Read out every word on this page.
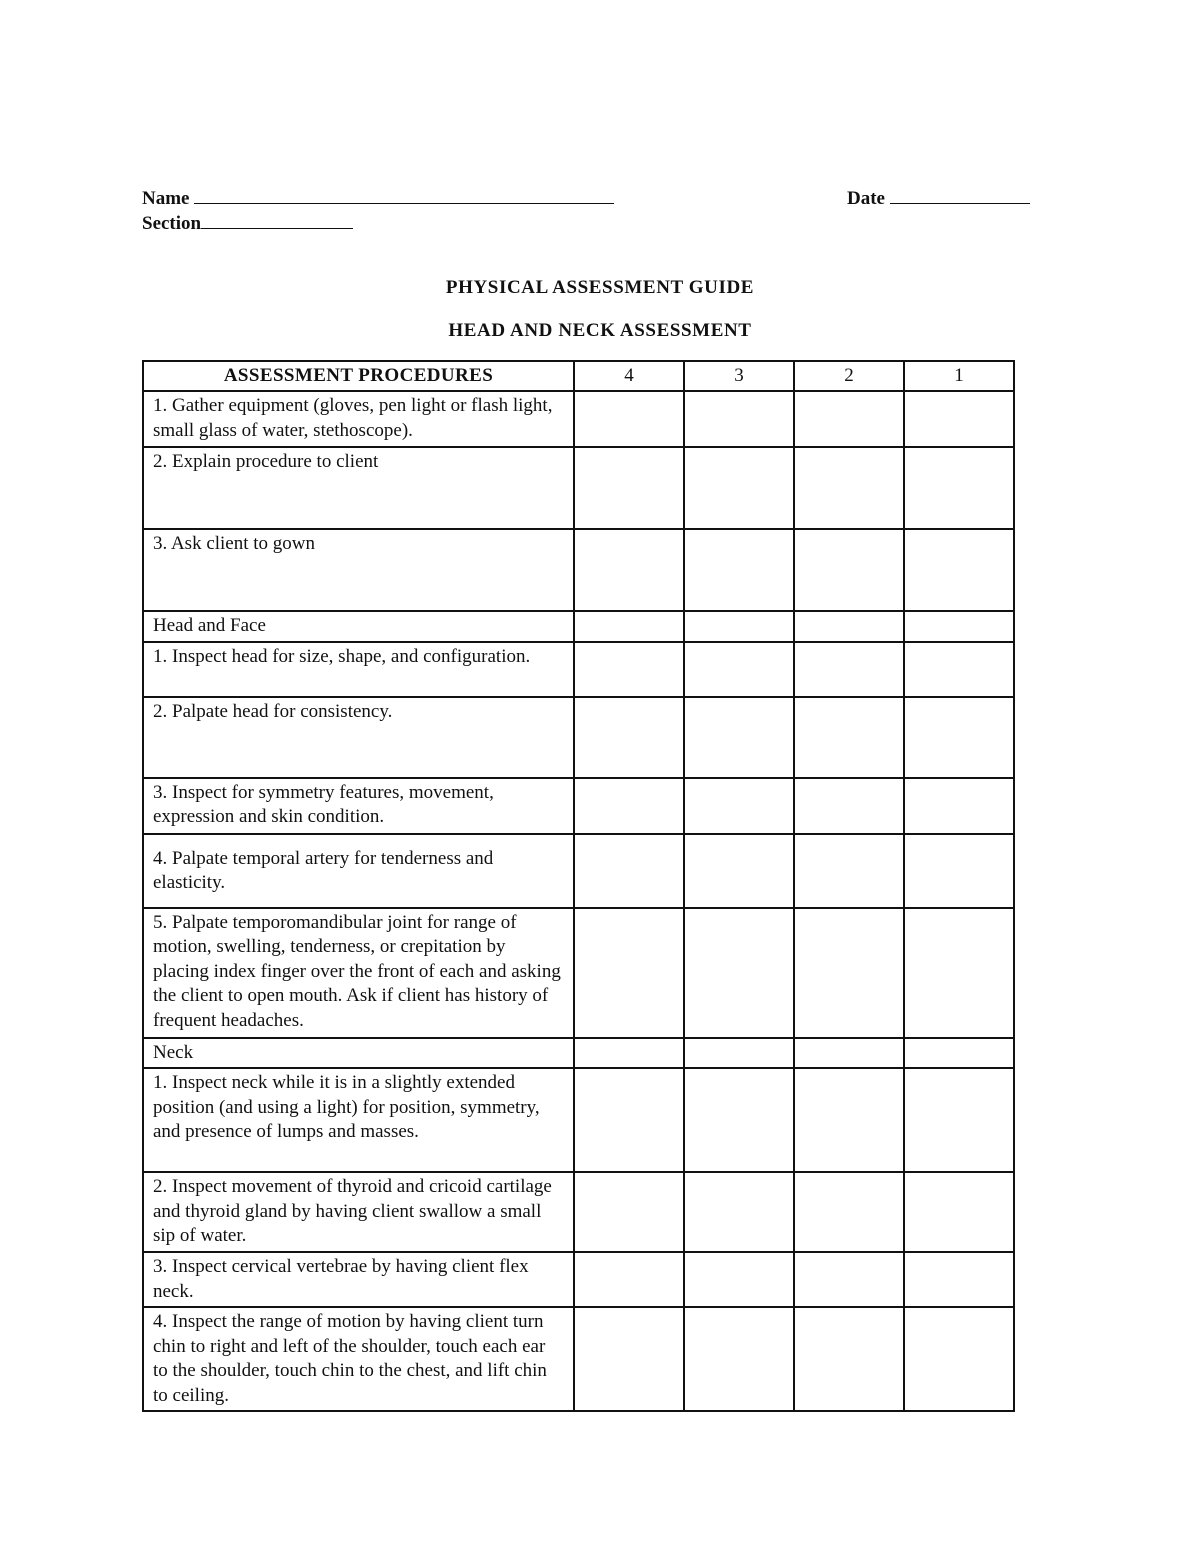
Name	Date
Section
PHYSICAL ASSESSMENT GUIDE
HEAD AND NECK ASSESSMENT
ASSESSMENT PROCEDURES	4	3	2	1
1. Gather equipment (gloves, pen light or flash light, small glass of water, stethoscope).				
2. Explain procedure to client				
3. Ask client to gown				
Head and Face				
1. Inspect head for size, shape, and configuration.				
2. Palpate head for consistency.				
3. Inspect for symmetry features, movement, expression and skin condition.				
4. Palpate temporal artery for tenderness and elasticity.				
5. Palpate temporomandibular joint for range of motion, swelling, tenderness, or crepitation by placing index finger over the front of each and asking the client to open mouth. Ask if client has history of frequent headaches.				
Neck				
1. Inspect neck while it is in a slightly extended position (and using a light) for position, symmetry, and presence of lumps and masses.				
2. Inspect movement of thyroid and cricoid cartilage and thyroid gland by having client swallow a small sip of water.				
3. Inspect cervical vertebrae by having client flex neck.				
4. Inspect the range of motion by having client turn chin to right and left of the shoulder, touch each ear to the shoulder, touch chin to the chest, and lift chin to ceiling.				
